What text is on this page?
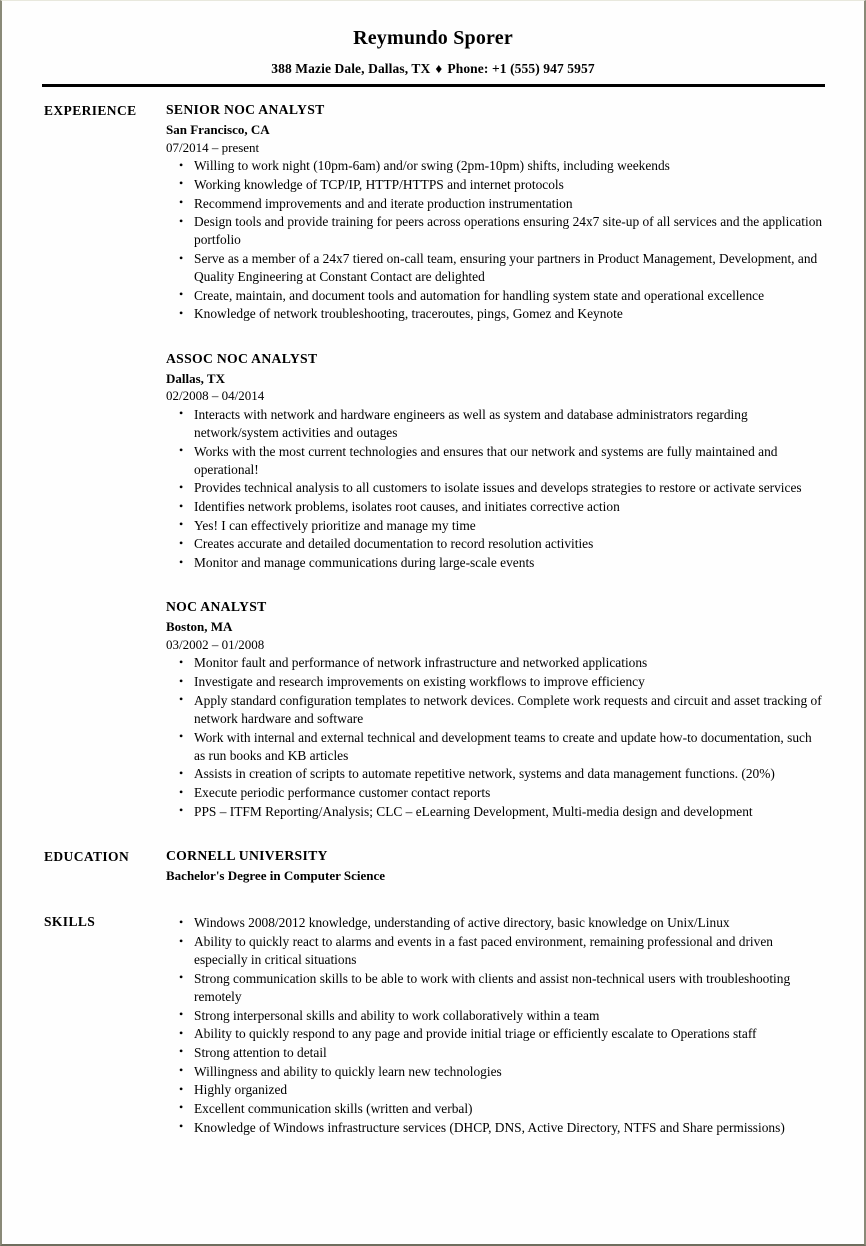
Reymundo Sporer
388 Mazie Dale, Dallas, TX ♦ Phone: +1 (555) 947 5957
EXPERIENCE	SENIOR NOC ANALYST
San Francisco, CA
07/2014 – present
• Willing to work night (10pm-6am) and/or swing (2pm-10pm) shifts, including weekends
• Working knowledge of TCP/IP, HTTP/HTTPS and internet protocols
• Recommend improvements and and iterate production instrumentation
• Design tools and provide training for peers across operations ensuring 24x7 site-up of all services and the application portfolio
• Serve as a member of a 24x7 tiered on-call team, ensuring your partners in Product Management, Development, and Quality Engineering at Constant Contact are delighted
• Create, maintain, and document tools and automation for handling system state and operational excellence
• Knowledge of network troubleshooting, traceroutes, pings, Gomez and Keynote
ASSOC NOC ANALYST
Dallas, TX
02/2008 – 04/2014
• Interacts with network and hardware engineers as well as system and database administrators regarding network/system activities and outages
• Works with the most current technologies and ensures that our network and systems are fully maintained and operational!
• Provides technical analysis to all customers to isolate issues and develops strategies to restore or activate services
• Identifies network problems, isolates root causes, and initiates corrective action
• Yes! I can effectively prioritize and manage my time
• Creates accurate and detailed documentation to record resolution activities
• Monitor and manage communications during large-scale events
NOC ANALYST
Boston, MA
03/2002 – 01/2008
• Monitor fault and performance of network infrastructure and networked applications
• Investigate and research improvements on existing workflows to improve efficiency
• Apply standard configuration templates to network devices. Complete work requests and circuit and asset tracking of network hardware and software
• Work with internal and external technical and development teams to create and update how-to documentation, such as run books and KB articles
• Assists in creation of scripts to automate repetitive network, systems and data management functions. (20%)
• Execute periodic performance customer contact reports
• PPS – ITFM Reporting/Analysis; CLC – eLearning Development, Multi-media design and development
EDUCATION	CORNELL UNIVERSITY
Bachelor's Degree in Computer Science
SKILLS	• Windows 2008/2012 knowledge, understanding of active directory, basic knowledge on Unix/Linux
• Ability to quickly react to alarms and events in a fast paced environment, remaining professional and driven especially in critical situations
• Strong communication skills to be able to work with clients and assist non-technical users with troubleshooting remotely
• Strong interpersonal skills and ability to work collaboratively within a team
• Ability to quickly respond to any page and provide initial triage or efficiently escalate to Operations staff
• Strong attention to detail
• Willingness and ability to quickly learn new technologies
• Highly organized
• Excellent communication skills (written and verbal)
• Knowledge of Windows infrastructure services (DHCP, DNS, Active Directory, NTFS and Share permissions)
